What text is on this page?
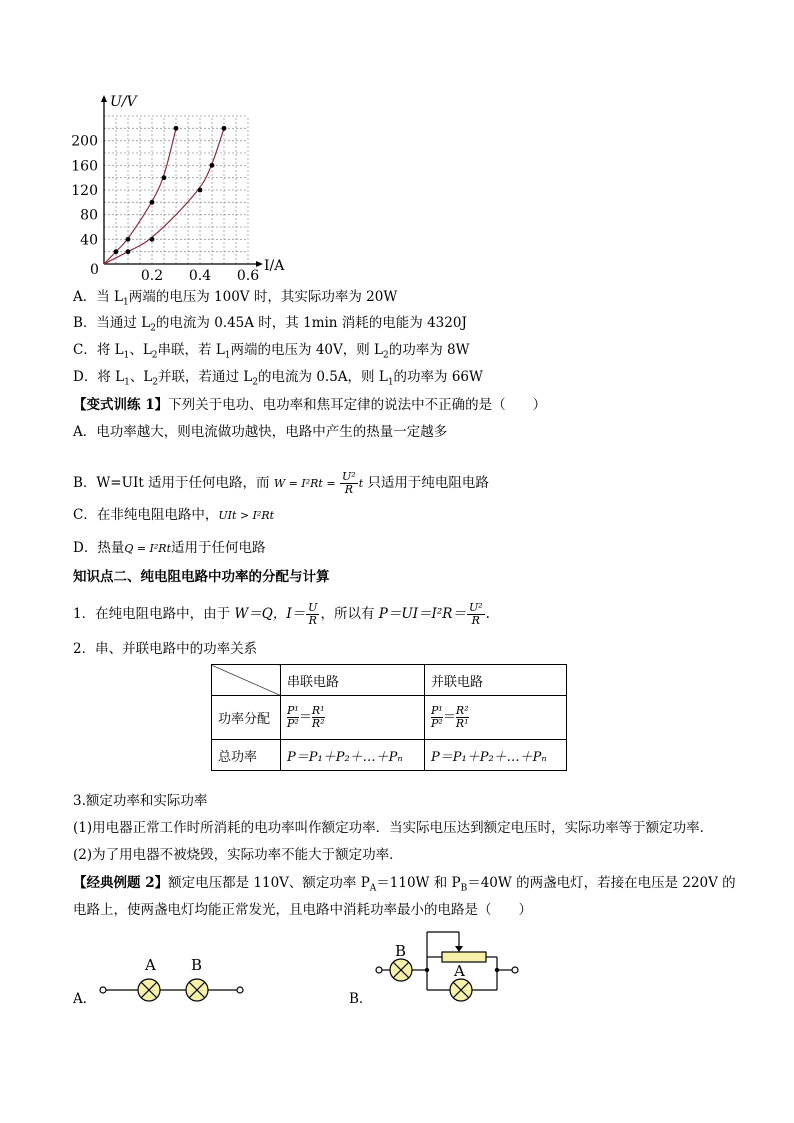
U/V
I/A
0
200
160
120
80
40
0.2 0.4 0.6
A．当 $L_1$两端的电压为 100V 时，其实际功率为 20W
B．当通过 $L_2$的电流为 0.45A 时，其 1min 消耗的电能为 4320J
C．将 $L_1$、$L_2$串联，若 $L_1$两端的电压为 40V，则 $L_2$的功率为 8W
D．将 $L_1$、$L_2$并联，若通过 $L_2$的电流为 0.5A，则 $L_1$的功率为 66W
【变式训练 1】下列关于电功、电功率和焦耳定律的说法中不正确的是（　　）
A．电功率越大，则电流做功越快，电路中产生的热量一定越多
B．W=UIt 适用于任何电路，而 $W = I^2Rt = \frac{\text{U²}}{R}$ t 只适用于纯电阻电路
C．在非纯电阻电路中，UIt > I²Rt
D．热量Q = I²Rt适用于任何电路
知识点二、纯电阻电路中功率的分配与计算
1．在纯电阻电路中，由于 W＝Q，$I= \frac{U}{R}$ ，所以有 $P=UI=I^2R= \frac{\text{U²}}{R}$ .
2．串、并联电路中的功率关系
	串联电路	并联电路
功率分配	$\frac{\text{P¹}}{\text{P²}} = \frac{\text{R¹}}{\text{R²}}$	$\frac{\text{P¹}}{\text{P²}} = \frac{\text{R²}}{\text{R¹}}$

总功率	P＝P₁＋P₂＋…＋Pₙ	P＝P₁＋P₂＋…＋Pₙ
3.额定功率和实际功率
(1)用电器正常工作时所消耗的电功率叫作额定功率．当实际电压达到额定电压时，实际功率等于额定功率．
(2)为了用电器不被烧毁，实际功率不能大于额定功率．
【经典例题 2】额定电压都是 110V、额定功率 $P_A=110W$ 和 $P_B=40W$ 的两盏电灯，若接在电压是 220V 的
电路上，使两盏电灯均能正常发光，且电路中消耗功率最小的电路是（　　）
A．
A B
B．
B
A
